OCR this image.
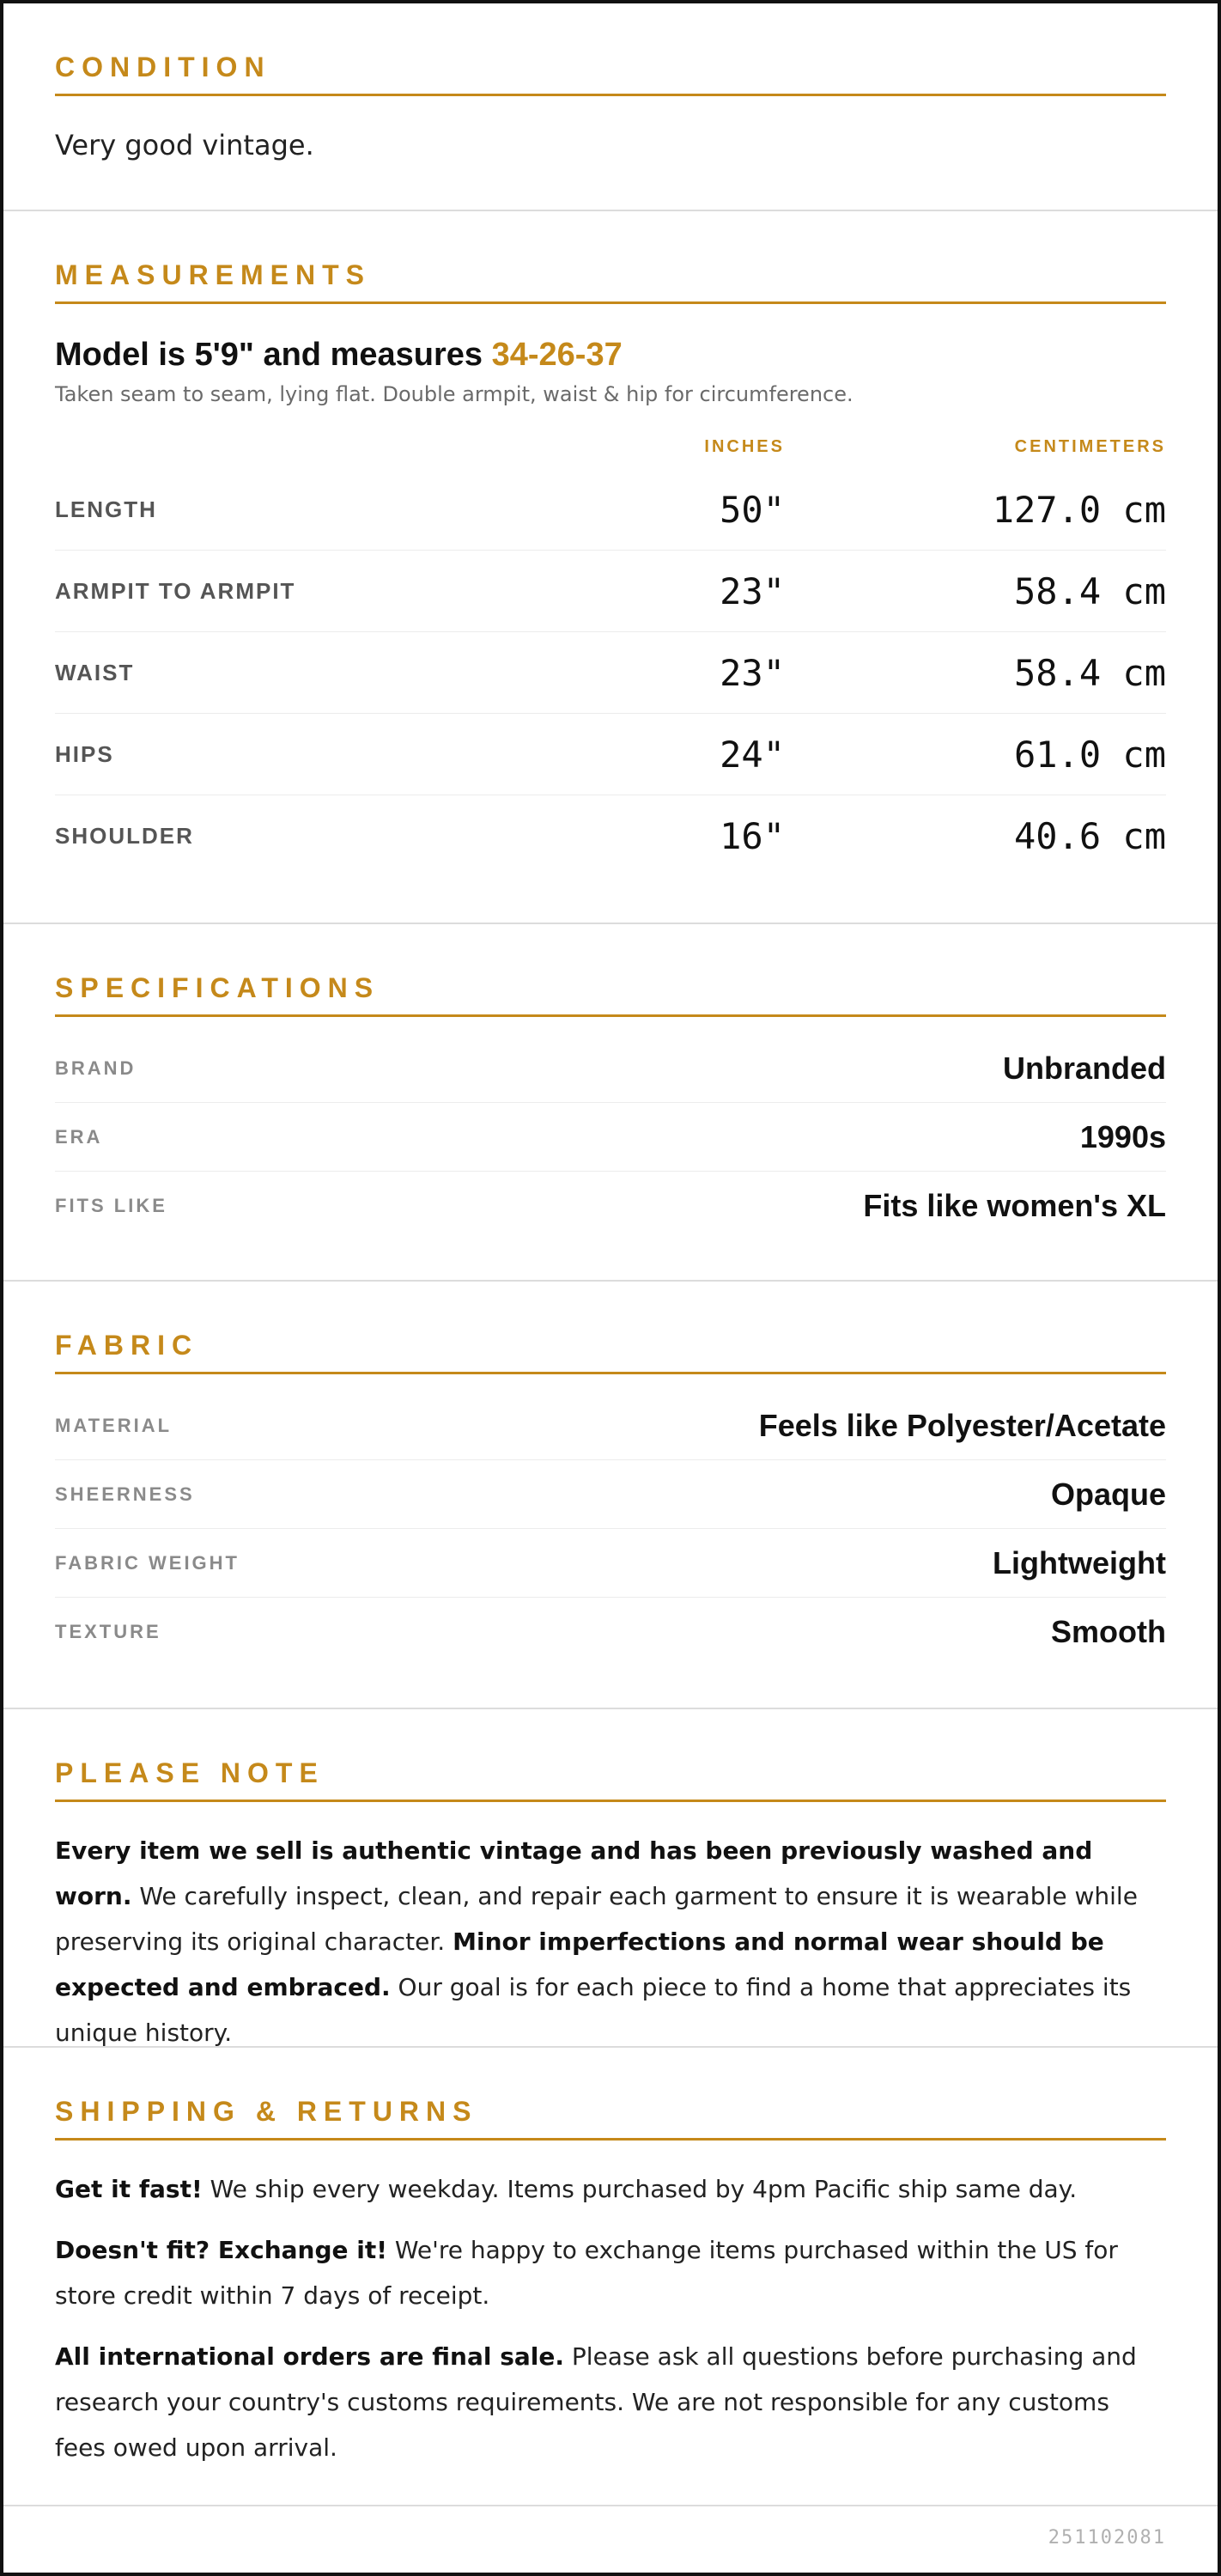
CONDITION

Very good vintage.

MEASUREMENTS
Model is 5'9" and measures 34-26-37

Taken seam to seam, lying flat. Double armpit, waist & hip for circumference.

INCHES	CENTIMETERS
LENGTH	50"	127.0 cm
ARMPIT TO ARMPIT	23"	58.4 cm
WAIST	23"	58.4 cm
HIPS	24"	61.0 cm
SHOULDER	16"	40.6 cm
SPECIFICATIONS
BRAND	Unbranded
ERA	1990s
FITS LIKE	Fits like women's XL
FABRIC
MATERIAL	Feels like Polyester/Acetate
SHEERNESS	Opaque
FABRIC WEIGHT	Lightweight
TEXTURE	Smooth
PLEASE NOTE

Every item we sell is authentic vintage and has been previously washed and worn. We carefully inspect, clean, and repair each garment to ensure it is wearable while preserving its original character. Minor imperfections and normal wear should be expected and embraced. Our goal is for each piece to find a home that appreciates its unique history.

SHIPPING & RETURNS

Get it fast! We ship every weekday. Items purchased by 4pm Pacific ship same day.

Doesn't fit? Exchange it! We're happy to exchange items purchased within the US for store credit within 7 days of receipt.

All international orders are final sale. Please ask all questions before purchasing and research your country's customs requirements. We are not responsible for any customs fees owed upon arrival.

251102081
